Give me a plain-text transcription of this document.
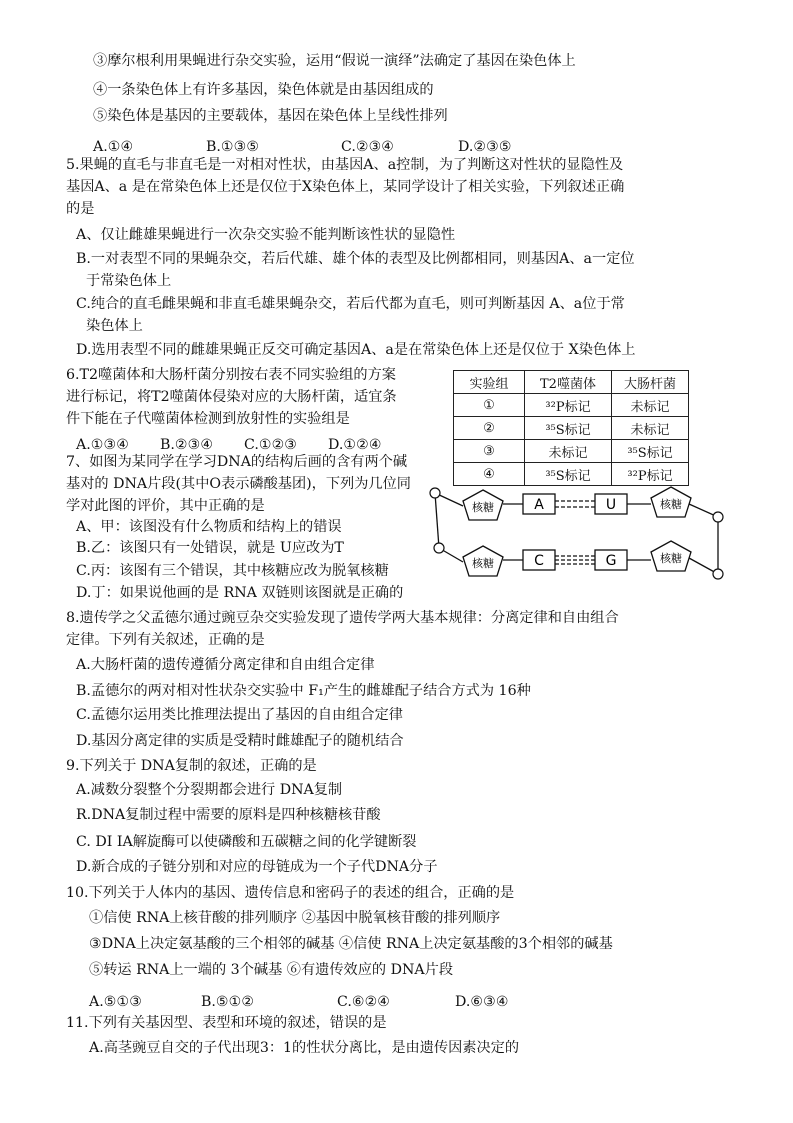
③摩尔根利用果蝇进行杂交实验，运用“假说一演绎”法确定了基因在染色体上
④一条染色体上有许多基因，染色体就是由基因组成的
⑤染色体是基因的主要载体，基因在染色体上呈线性排列
5.果蝇的直毛与非直毛是一对相对性状，由基因A、a控制，为了判断这对性状的显隐性及
基因A、a 是在常染色体上还是仅位于X染色体上，某同学设计了相关实验，下列叙述正确
的是
A、仅让雌雄果蝇进行一次杂交实验不能判断该性状的显隐性
B.一对表型不同的果蝇杂交，若后代雄、雄个体的表型及比例都相同，则基因A、a一定位
于常染色体上
C.纯合的直毛雌果蝇和非直毛雄果蝇杂交，若后代都为直毛，则可判断基因 A、a位于常
染色体上
D.选用表型不同的雌雄果蝇正反交可确定基因A、a是在常染色体上还是仅位于 X染色体上
6.T2噬菌体和大肠杆菌分别按右表不同实验组的方案
进行标记，将T2噬菌体侵染对应的大肠杆菌，适宜条
件下能在子代噬菌体检测到放射性的实验组是
7、如图为某同学在学习DNA的结构后画的含有两个碱
基对的 DNA片段(其中O表示磷酸基团)，下列为几位同
学对此图的评价，其中正确的是
A、甲：该图没有什么物质和结构上的错误
B.乙：该图只有一处错误，就是 U应改为T
C.丙：该图有三个错误，其中核糖应改为脱氧核糖
D.丁：如果说他画的是 RNA 双链则该图就是正确的
8.遗传学之父孟德尔通过豌豆杂交实验发现了遗传学两大基本规律：分离定律和自由组合
定律。下列有关叙述，正确的是
A.大肠杆菌的遗传遵循分离定律和自由组合定律
B.孟德尔的两对相对性状杂交实验中 F₁产生的雌雄配子结合方式为 16种
C.孟德尔运用类比推理法提出了基因的自由组合定律
D.基因分离定律的实质是受精时雌雄配子的随机结合
9.下列关于 DNA复制的叙述，正确的是
A.减数分裂整个分裂期都会进行 DNA复制
R.DNA复制过程中需要的原料是四种核糖核苷酸
C. DI IA解旋酶可以使磷酸和五碳糖之间的化学键断裂
D.新合成的子链分别和对应的母链成为一个子代DNA分子
10.下列关于人体内的基因、遗传信息和密码子的表述的组合，正确的是
①信使 RNA上核苷酸的排列顺序 ②基因中脱氧核苷酸的排列顺序
③DNA上决定氨基酸的三个相邻的碱基 ④信使 RNA上决定氨基酸的3个相邻的碱基
⑤转运 RNA上一端的 3个碱基 ⑥有遗传效应的 DNA片段
11.下列有关基因型、表型和环境的叙述，错误的是
A.高茎豌豆自交的子代出现3：1的性状分离比，是由遗传因素决定的
A.①④	B.①③⑤	C.②③④	D.②③⑤
A.①③④ B.②③④ C.①②③ D.①②④
A.⑤①③	B.⑤①②	C.⑥②④	D.⑥③④
实验组	T2噬菌体	大肠杆菌
①	³²P标记	未标记
②	³⁵S标记	未标记
③	未标记	³⁵S标记
④	³⁵S标记	³²P标记
核糖
核糖
核糖
核糖
A	U
C	G
